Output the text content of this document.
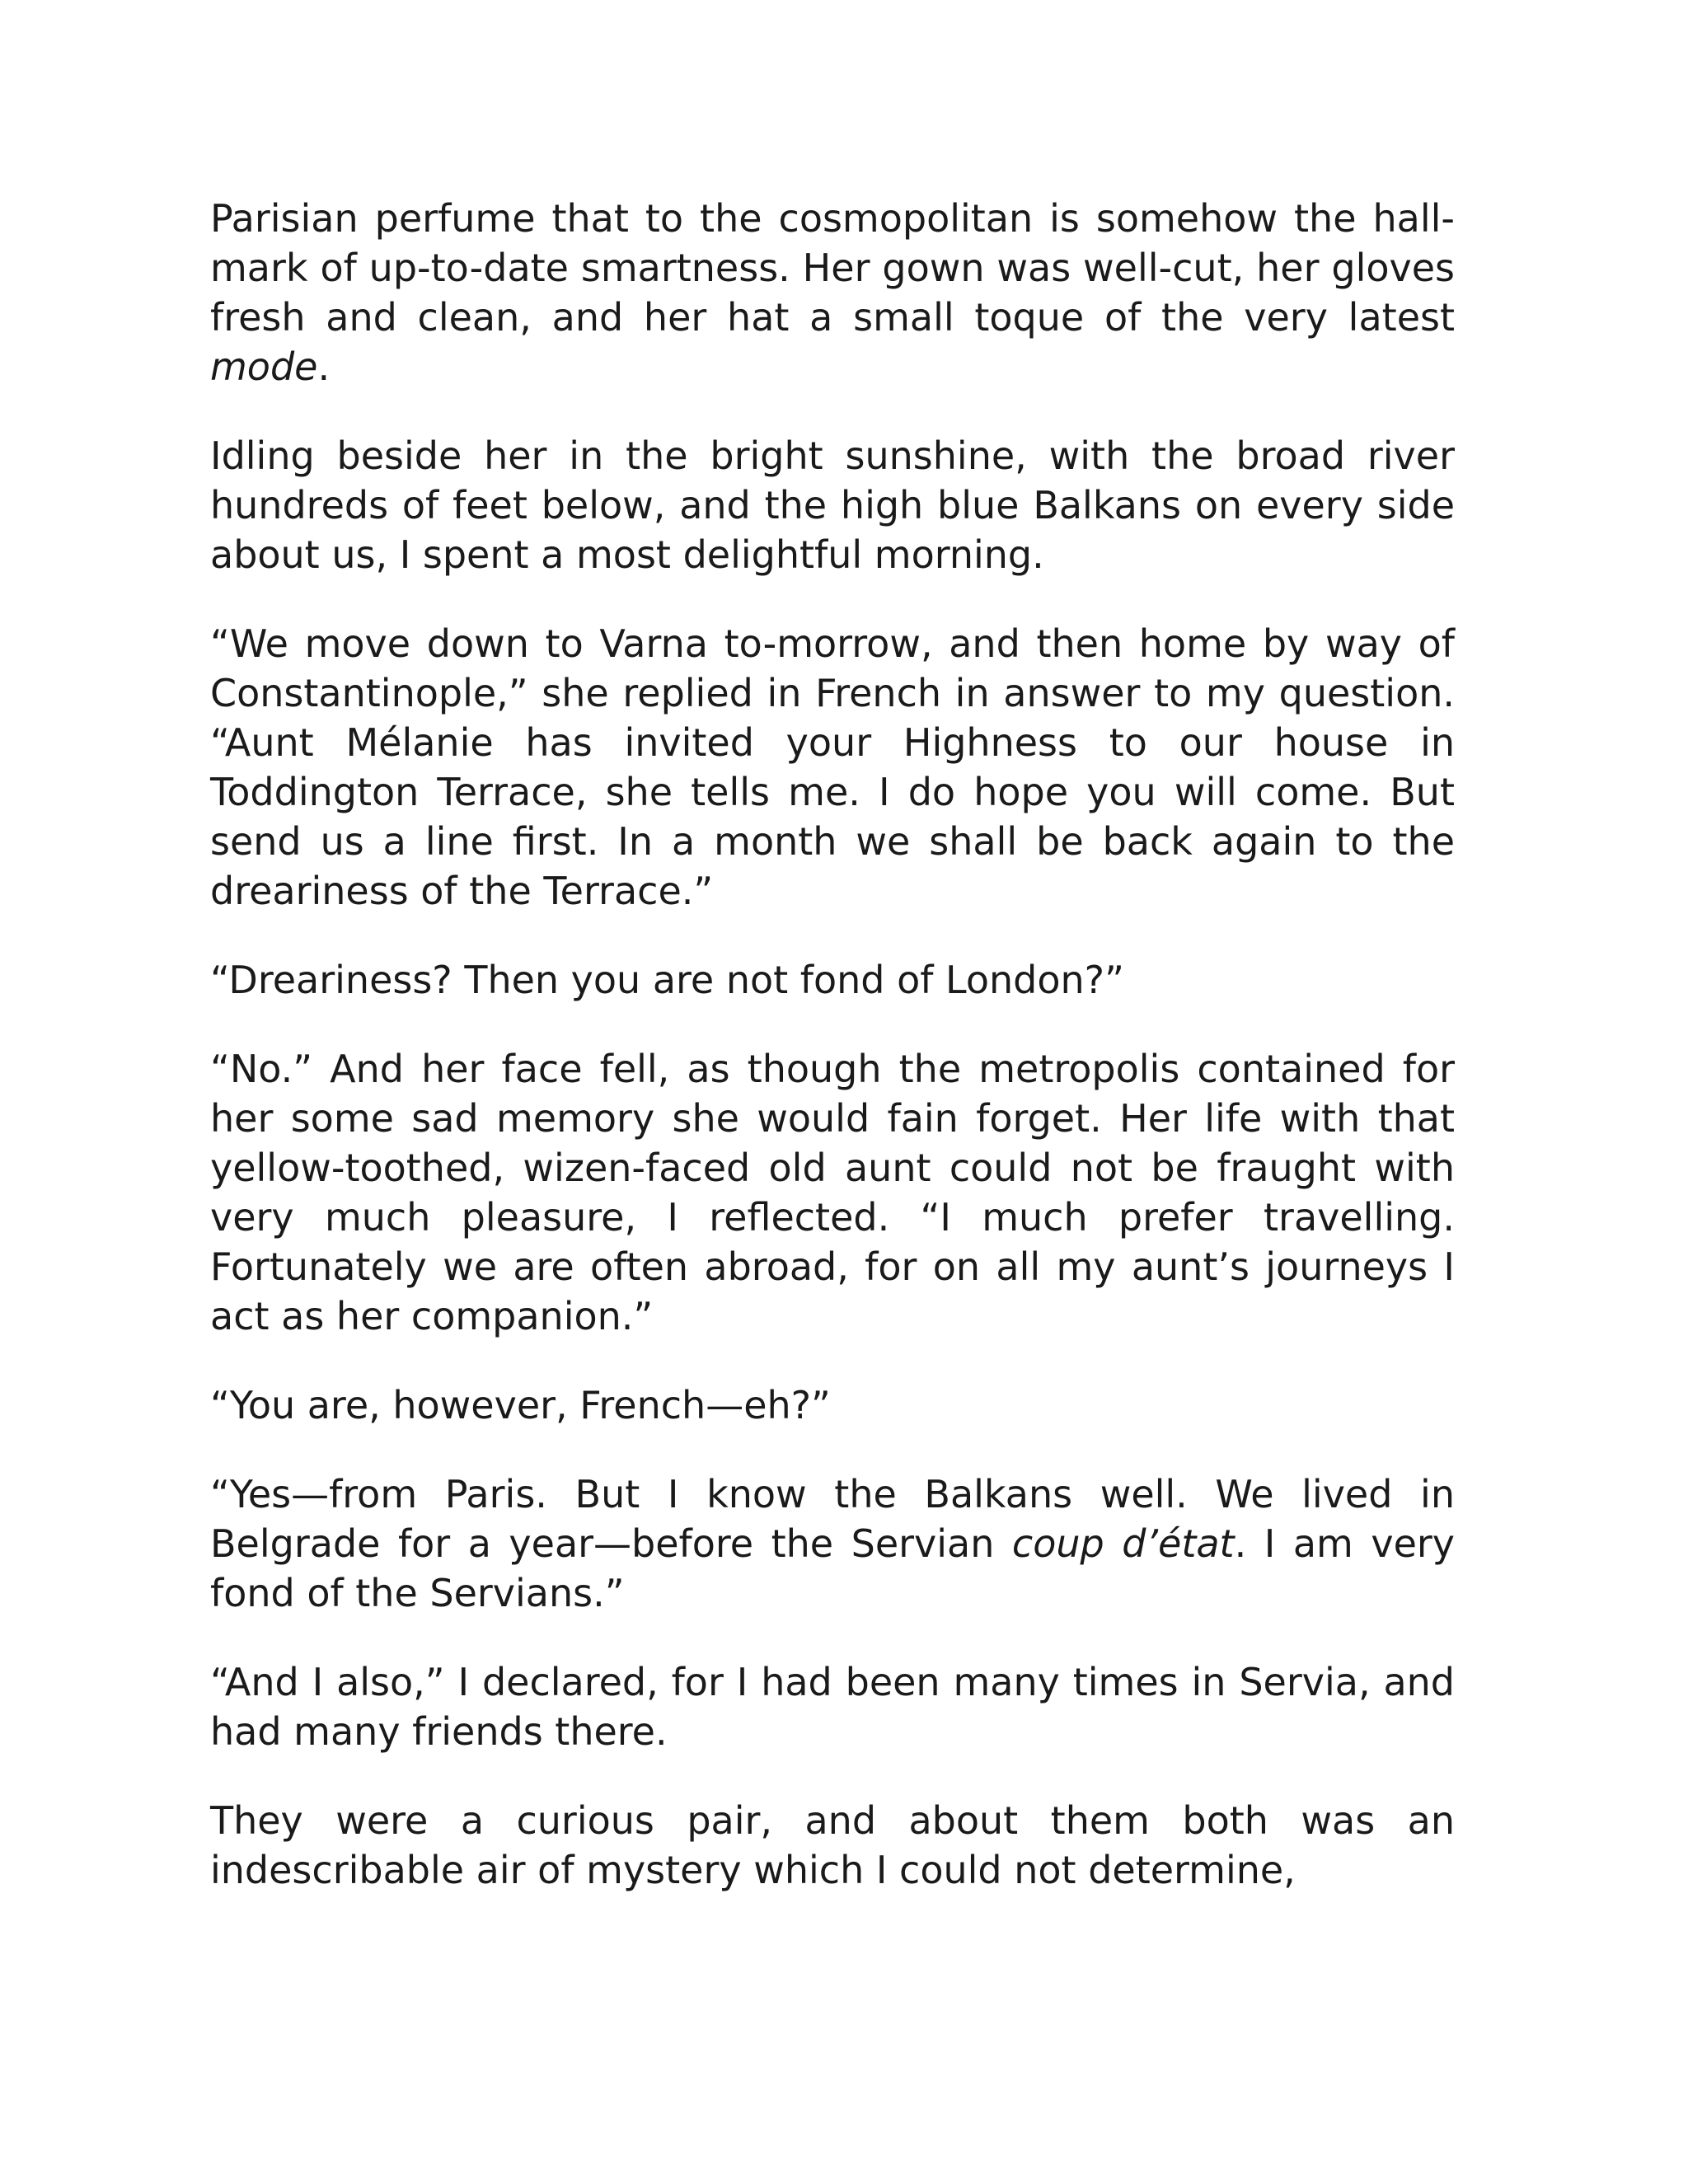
Parisian perfume that to the cosmopolitan is somehow the hall-mark of up-to-date smartness. Her gown was well-cut, her gloves fresh and clean, and her hat a small toque of the very latest mode.

Idling beside her in the bright sunshine, with the broad river hundreds of feet below, and the high blue Balkans on every side about us, I spent a most delightful morning.

“We move down to Varna to-morrow, and then home by way of Constantinople,” she replied in French in answer to my question. “Aunt Mélanie has invited your Highness to our house in Toddington Terrace, she tells me. I do hope you will come. But send us a line first. In a month we shall be back again to the dreariness of the Terrace.”

“Dreariness? Then you are not fond of London?”

“No.” And her face fell, as though the metropolis contained for her some sad memory she would fain forget. Her life with that yellow-toothed, wizen-faced old aunt could not be fraught with very much pleasure, I reflected. “I much prefer travelling. Fortunately we are often abroad, for on all my aunt’s journeys I act as her companion.”

“You are, however, French—eh?”

“Yes—from Paris. But I know the Balkans well. We lived in Belgrade for a year—before the Servian coup d’état. I am very fond of the Servians.”

“And I also,” I declared, for I had been many times in Servia, and had many friends there.

They were a curious pair, and about them both was an indescribable air of mystery which I could not determine,
